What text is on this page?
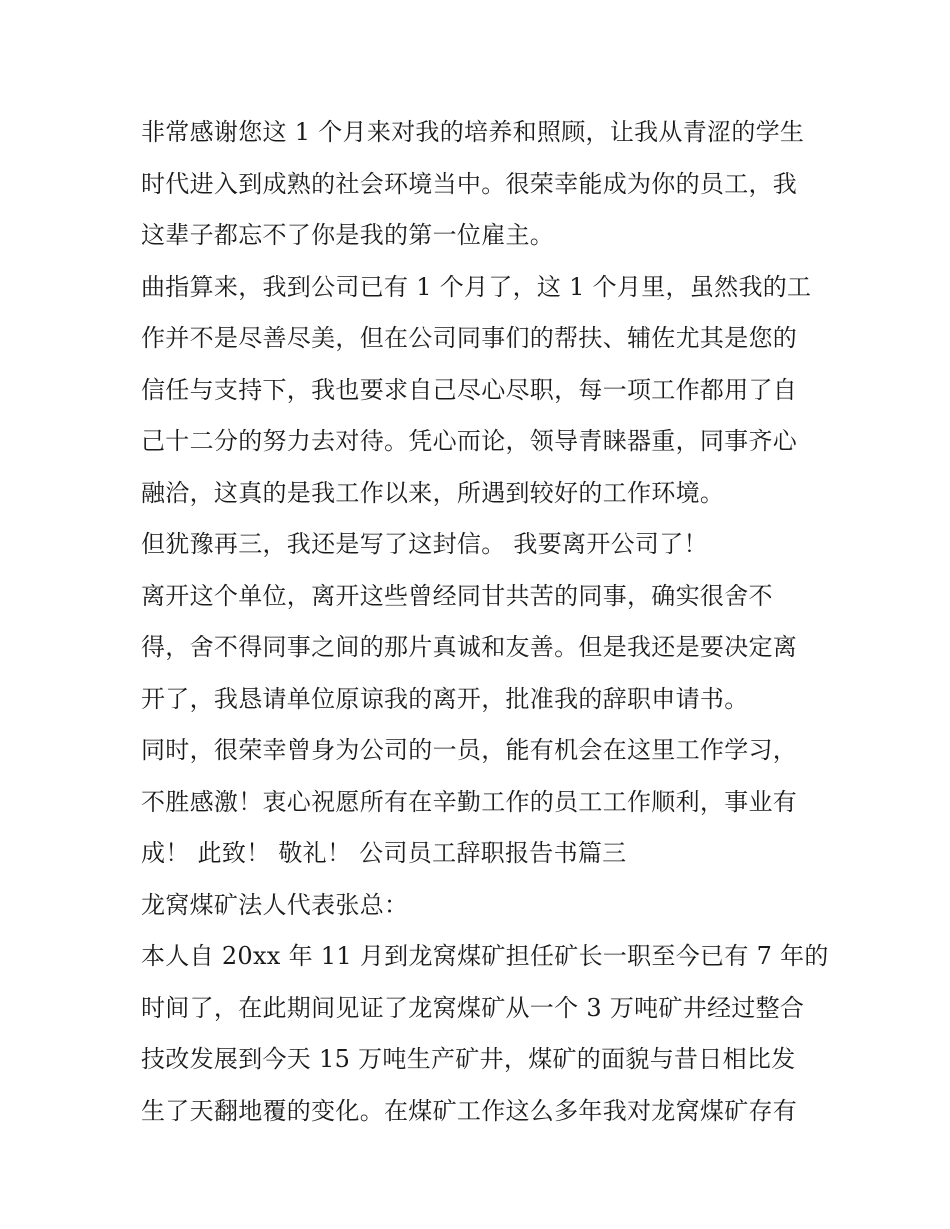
非常感谢您这 1 个月来对我的培养和照顾，让我从青涩的学生
时代进入到成熟的社会环境当中。很荣幸能成为你的员工，我
这辈子都忘不了你是我的第一位雇主。
曲指算来，我到公司已有 1 个月了，这 1 个月里，虽然我的工
作并不是尽善尽美，但在公司同事们的帮扶、辅佐尤其是您的
信任与支持下，我也要求自己尽心尽职，每一项工作都用了自
己十二分的努力去对待。凭心而论，领导青睐器重，同事齐心
融洽，这真的是我工作以来，所遇到较好的工作环境。
但犹豫再三，我还是写了这封信。 我要离开公司了！
离开这个单位，离开这些曾经同甘共苦的同事，确实很舍不
得，舍不得同事之间的那片真诚和友善。但是我还是要决定离
开了，我恳请单位原谅我的离开，批准我的辞职申请书。
同时，很荣幸曾身为公司的一员，能有机会在这里工作学习，
不胜感激！衷心祝愿所有在辛勤工作的员工工作顺利，事业有
成！ 此致！ 敬礼！ 公司员工辞职报告书篇三
龙窝煤矿法人代表张总：
本人自 20xx 年 11 月到龙窝煤矿担任矿长一职至今已有 7 年的
时间了，在此期间见证了龙窝煤矿从一个 3 万吨矿井经过整合
技改发展到今天 15 万吨生产矿井，煤矿的面貌与昔日相比发
生了天翻地覆的变化。在煤矿工作这么多年我对龙窝煤矿存有
